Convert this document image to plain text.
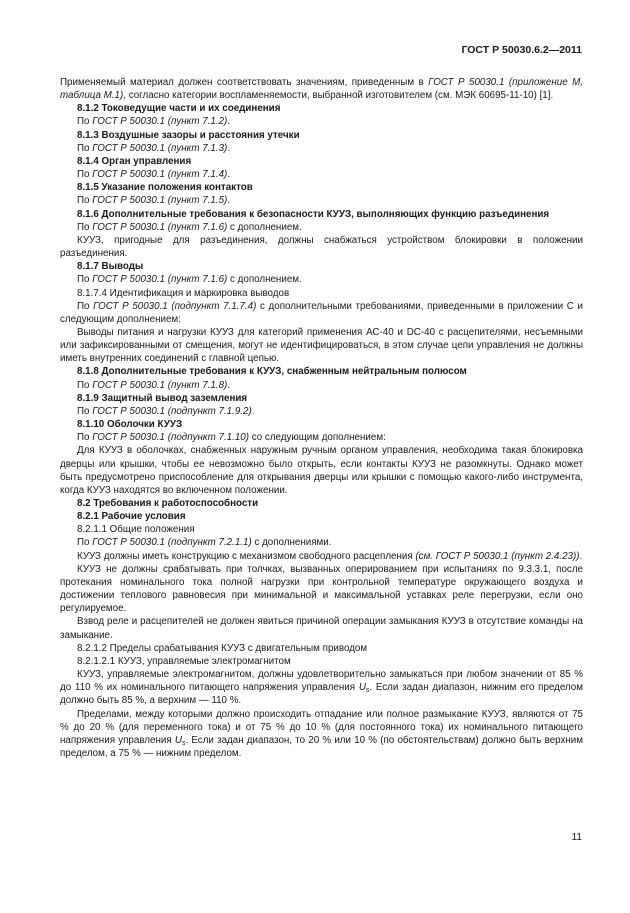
ГОСТ Р 50030.6.2—2011

Применяемый материал должен соответствовать значениям, приведенным в ГОСТ Р 50030.1 (приложение М, таблица М.1), согласно категории воспламеняемости, выбранной изготовителем (см. МЭК 60695-11-10) [1].

8.1.2 Токоведущие части и их соединения

По ГОСТ Р 50030.1 (пункт 7.1.2).

8.1.3 Воздушные зазоры и расстояния утечки

По ГОСТ Р 50030.1 (пункт 7.1.3).

8.1.4 Орган управления

По ГОСТ Р 50030.1 (пункт 7.1.4).

8.1.5 Указание положения контактов

По ГОСТ Р 50030.1 (пункт 7.1.5).

8.1.6 Дополнительные требования к безопасности КУУЗ, выполняющих функцию разъединения

По ГОСТ Р 50030.1 (пункт 7.1.6) с дополнением.

КУУЗ, пригодные для разъединения, должны снабжаться устройством блокировки в положении разъединения.

8.1.7 Выводы

По ГОСТ Р 50030.1 (пункт 7.1.6) с дополнением.

8.1.7.4 Идентификация и маркировка выводов

По ГОСТ Р 50030.1 (подпункт 7.1.7.4) с дополнительными требованиями, приведенными в приложении С и следующим дополнением:

Выводы питания и нагрузки КУУЗ для категорий применения АС-40 и DC-40 с расцепителями, несъемными или зафиксированными от смещения, могут не идентифицироваться, в этом случае цепи управления не должны иметь внутренних соединений с главной цепью.

8.1.8 Дополнительные требования к КУУЗ, снабженным нейтральным полюсом

По ГОСТ Р 50030.1 (пункт 7.1.8).

8.1.9 Защитный вывод заземления

По ГОСТ Р 50030.1 (подпункт 7.1.9.2).

8.1.10 Оболочки КУУЗ

По ГОСТ Р 50030.1 (подпункт 7.1.10) со следующим дополнением:

Для КУУЗ в оболочках, снабженных наружным ручным органом управления, необходима такая блокировка дверцы или крышки, чтобы ее невозможно было открыть, если контакты КУУЗ не разомкнуты. Однако может быть предусмотрено приспособление для открывания дверцы или крышки с помощью какого-либо инструмента, когда КУУЗ находятся во включенном положении.

8.2 Требования к работоспособности

8.2.1 Рабочие условия

8.2.1.1 Общие положения

По ГОСТ Р 50030.1 (подпункт 7.2.1.1) с дополнениями.

КУУЗ должны иметь конструкцию с механизмом свободного расцепления (см. ГОСТ Р 50030.1 (пункт 2.4.23)).

КУУЗ не должны срабатывать при толчках, вызванных оперированием при испытаниях по 9.3.3.1, после протекания номинального тока полной нагрузки при контрольной температуре окружающего воздуха и достижении теплового равновесия при минимальной и максимальной уставках реле перегрузки, если оно регулируемое.

Взвод реле и расцепителей не должен явиться причиной операции замыкания КУУЗ в отсутствие команды на замыкание.

8.2.1.2 Пределы срабатывания КУУЗ с двигательным приводом

8.2.1.2.1 КУУЗ, управляемые электромагнитом

КУУЗ, управляемые электромагнитом, должны удовлетворительно замыкаться при любом значении от 85 % до 110 % их номинального питающего напряжения управления $U_s$. Если задан диапазон, нижним его пределом должно быть 85 %, а верхним — 110 %.

Пределами, между которыми должно происходить отпадание или полное размыкание КУУЗ, являются от 75 % до 20 % (для переменного тока) и от 75 % до 10 % (для постоянного тока) их номинального питающего напряжения управления $U_s$. Если задан диапазон, то 20 % или 10 % (по обстоятельствам) должно быть верхним пределом, а 75 % — нижним пределом.

11
